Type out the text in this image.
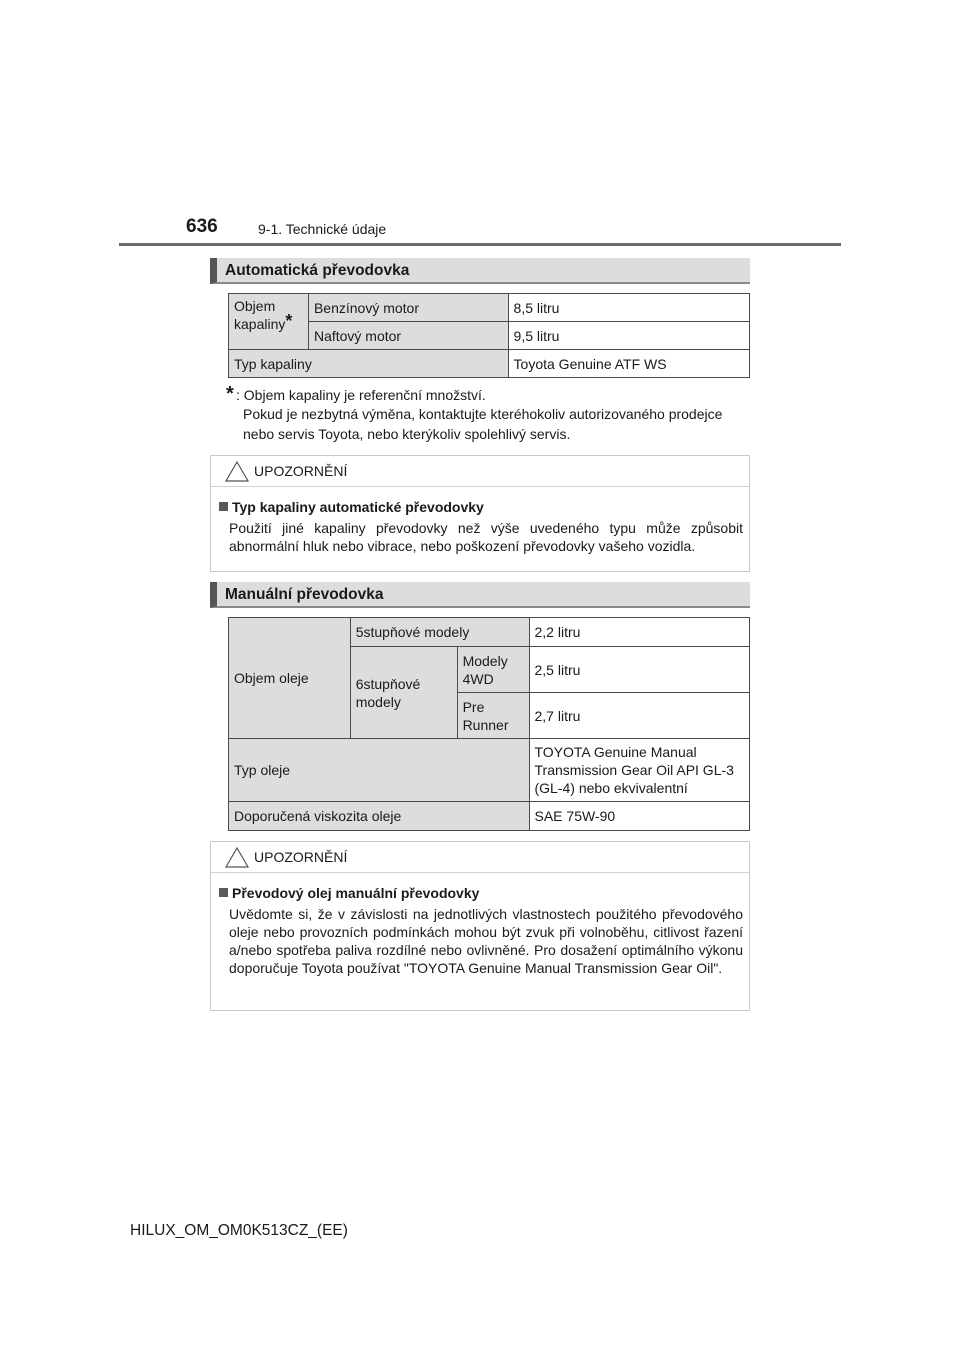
636	9-1. Technické údaje
Automatická převodovka
Objem kapaliny*	Benzínový motor	8,5 litru
	Naftový motor	9,5 litru
Typ kapaliny		Toyota Genuine ATF WS
* : Objem kapaliny je referenční množství.
Pokud je nezbytná výměna, kontaktujte kteréhokoliv autorizovaného prodejce
nebo servis Toyota, nebo kterýkoliv spolehlivý servis.
UPOZORNĚNÍ
Typ kapaliny automatické převodovky
Použití jiné kapaliny převodovky než výše uvedeného typu může způsobit abnormální hluk nebo vibrace, nebo poškození převodovky vašeho vozidla.
Manuální převodovka
Objem oleje	5stupňové modely		2,2 litru
	6stupňové modely	Modely 4WD	2,5 litru
		Pre Runner	2,7 litru
Typ oleje			TOYOTA Genuine Manual Transmission Gear Oil API GL-3 (GL-4) nebo ekvivalentní
Doporučená viskozita oleje			SAE 75W-90
UPOZORNĚNÍ
Převodový olej manuální převodovky
Uvědomte si, že v závislosti na jednotlivých vlastnostech použitého převodového oleje nebo provozních podmínkách mohou být zvuk při volnoběhu, citlivost řazení a/nebo spotřeba paliva rozdílné nebo ovlivněné. Pro dosažení optimálního výkonu doporučuje Toyota používat "TOYOTA Genuine Manual Transmission Gear Oil".
HILUX_OM_OM0K513CZ_(EE)
